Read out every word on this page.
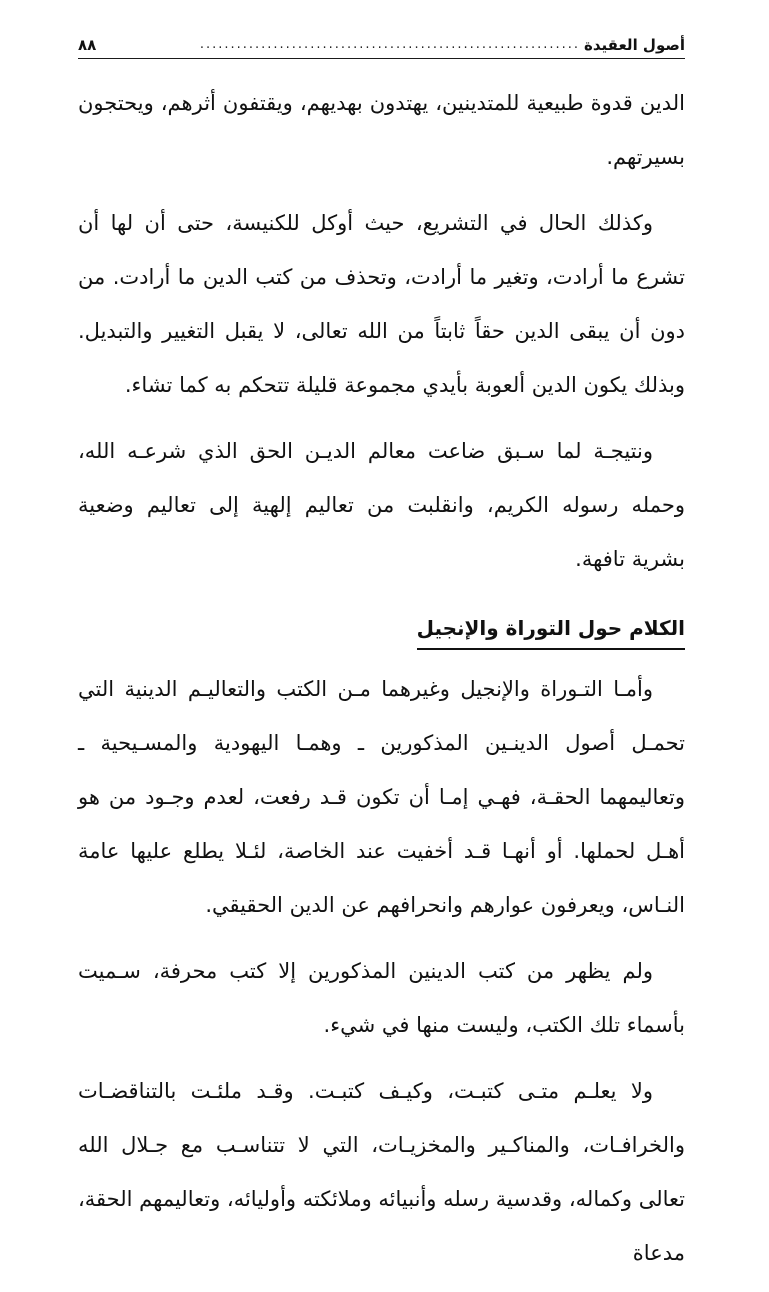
أصول العقيدة
..............................................................
٨٨

الدين قدوة طبيعية للمتدينين، يهتدون بهديهم، ويقتفون أثرهم، ويحتجون بسيرتهم.

وكذلك الحال في التشريع، حيث أوكل للكنيسة، حتى أن لها أن تشرع ما أرادت، وتغير ما أرادت، وتحذف من كتب الدين ما أرادت. من دون أن يبقى الدين حقاً ثابتاً من الله تعالى، لا يقبل التغيير والتبديل. وبذلك يكون الدين ألعوبة بأيدي مجموعة قليلة تتحكم به كما تشاء.

ونتيجـة لما سـبق ضاعت معالم الديـن الحق الذي شرعـه الله، وحمله رسوله الكريم، وانقلبت من تعاليم إلهية إلى تعاليم وضعية بشرية تافهة.

الكلام حول التوراة والإنجيل

وأمـا التـوراة والإنجيل وغيرهما مـن الكتب والتعاليـم الدينية التي تحمـل أصول الدينـين المذكورين ـ وهمـا اليهودية والمسـيحية ـ وتعاليمهما الحقـة، فهـي إمـا أن تكون قـد رفعت، لعدم وجـود من هو أهـل لحملها. أو أنهـا قـد أخفيت عند الخاصة، لئـلا يطلع عليها عامة النـاس، ويعرفون عوارهم وانحرافهم عن الدين الحقيقي.

ولم يظهر من كتب الدينين المذكورين إلا كتب محرفة، سـميت بأسماء تلك الكتب، وليست منها في شيء.

ولا يعلـم متـى كتبـت، وكيـف كتبـت. وقـد ملئـت بالتناقضـات والخرافـات، والمناكـير والمخزيـات، التي لا تتناسـب مع جـلال الله تعالى وكماله، وقدسية رسله وأنبيائه وملائكته وأوليائه، وتعاليمهم الحقة، مدعاة
